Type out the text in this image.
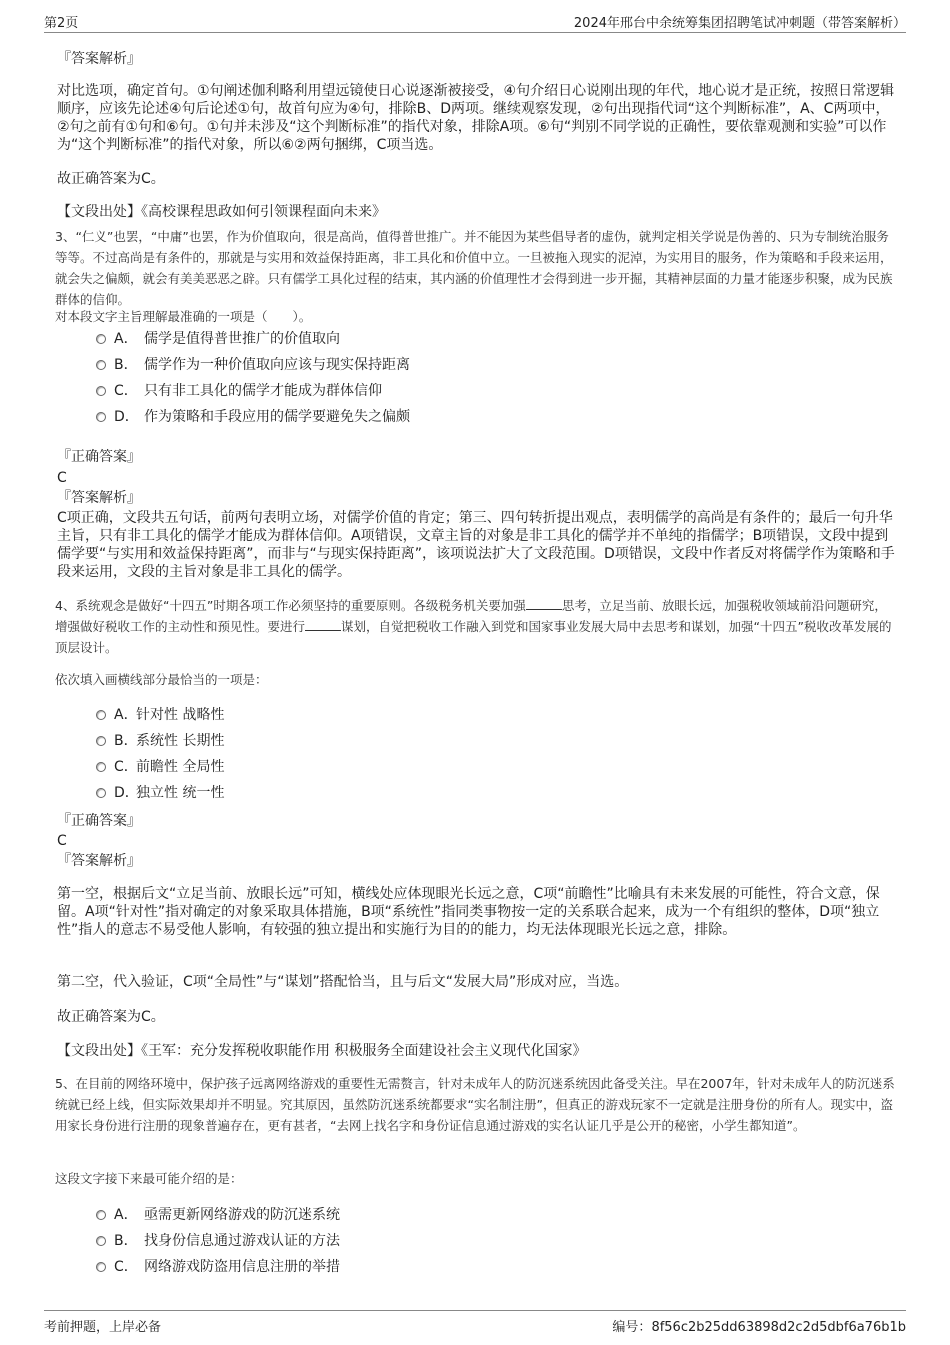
第2页	2024年邢台中余统筹集团招聘笔试冲刺题（带答案解析）
『答案解析』
对比选项，确定首句。①句阐述伽利略利用望远镜使日心说逐渐被接受，④句介绍日心说刚出现的年代，地心说才是正统，按照日常逻辑顺序，应该先论述④句后论述①句，故首句应为④句，排除B、D两项。继续观察发现，②句出现指代词“这个判断标准”，A、C两项中，②句之前有①句和⑥句。①句并未涉及“这个判断标准”的指代对象，排除A项。⑥句“判别不同学说的正确性，要依靠观测和实验”可以作为“这个判断标准”的指代对象，所以⑥②两句捆绑，C项当选。
故正确答案为C。
【文段出处】《高校课程思政如何引领课程面向未来》
3、“仁义”也罢，“中庸”也罢，作为价值取向，很是高尚，值得普世推广。并不能因为某些倡导者的虚伪，就判定相关学说是伪善的、只为专制统治服务等等。不过高尚是有条件的，那就是与实用和效益保持距离，非工具化和价值中立。一旦被拖入现实的泥淖，为实用目的服务，作为策略和手段来运用，就会失之偏颇，就会有美美恶恶之辟。只有儒学工具化过程的结束，其内涵的价值理性才会得到进一步开掘，其精神层面的力量才能逐步积聚，成为民族群体的信仰。
对本段文字主旨理解最准确的一项是（　　）。
A． 儒学是值得普世推广的价值取向
B． 儒学作为一种价值取向应该与现实保持距离
C． 只有非工具化的儒学才能成为群体信仰
D． 作为策略和手段应用的儒学要避免失之偏颇
『正确答案』
C
『答案解析』
C项正确，文段共五句话，前两句表明立场，对儒学价值的肯定；第三、四句转折提出观点，表明儒学的高尚是有条件的；最后一句升华主旨，只有非工具化的儒学才能成为群体信仰。A项错误，文章主旨的对象是非工具化的儒学并不单纯的指儒学；B项错误，文段中提到儒学要“与实用和效益保持距离”，而非与“与现实保持距离”，该项说法扩大了文段范围。D项错误，文段中作者反对将儒学作为策略和手段来运用，文段的主旨对象是非工具化的儒学。
4、系统观念是做好“十四五”时期各项工作必须坚持的重要原则。各级税务机关要加强	思考，立足当前、放眼长远，加强税收领域前沿问题研究，增强做好税收工作的主动性和预见性。要进行	谋划，自觉把税收工作融入到党和国家事业发展大局中去思考和谋划，加强“十四五”税收改革发展的顶层设计。
依次填入画横线部分最恰当的一项是：
A．
针对性 战略性
B．
系统性 长期性
C．
前瞻性 全局性
D．
独立性 统一性
『正确答案』
C
『答案解析』
第一空，根据后文“立足当前、放眼长远”可知，横线处应体现眼光长远之意，C项“前瞻性”比喻具有未来发展的可能性，符合文意，保留。A项“针对性”指对确定的对象采取具体措施，B项“系统性”指同类事物按一定的关系联合起来，成为一个有组织的整体，D项“独立性”指人的意志不易受他人影响，有较强的独立提出和实施行为目的的能力，均无法体现眼光长远之意，排除。
第二空，代入验证，C项“全局性”与“谋划”搭配恰当，且与后文“发展大局”形成对应，当选。
故正确答案为C。
【文段出处】《王军：充分发挥税收职能作用 积极服务全面建设社会主义现代化国家》
5、在目前的网络环境中，保护孩子远离网络游戏的重要性无需赘言，针对未成年人的防沉迷系统因此备受关注。早在2007年，针对未成年人的防沉迷系统就已经上线，但实际效果却并不明显。究其原因，虽然防沉迷系统都要求“实名制注册”，但真正的游戏玩家不一定就是注册身份的所有人。现实中，盗用家长身份进行注册的现象普遍存在，更有甚者，“去网上找名字和身份证信息通过游戏的实名认证几乎是公开的秘密，小学生都知道”。
这段文字接下来最可能介绍的是：
A． 亟需更新网络游戏的防沉迷系统
B． 找身份信息通过游戏认证的方法
C． 网络游戏防盗用信息注册的举措
考前押题，上岸必备	编号：8f56c2b25dd63898d2c2d5dbf6a76b1b
